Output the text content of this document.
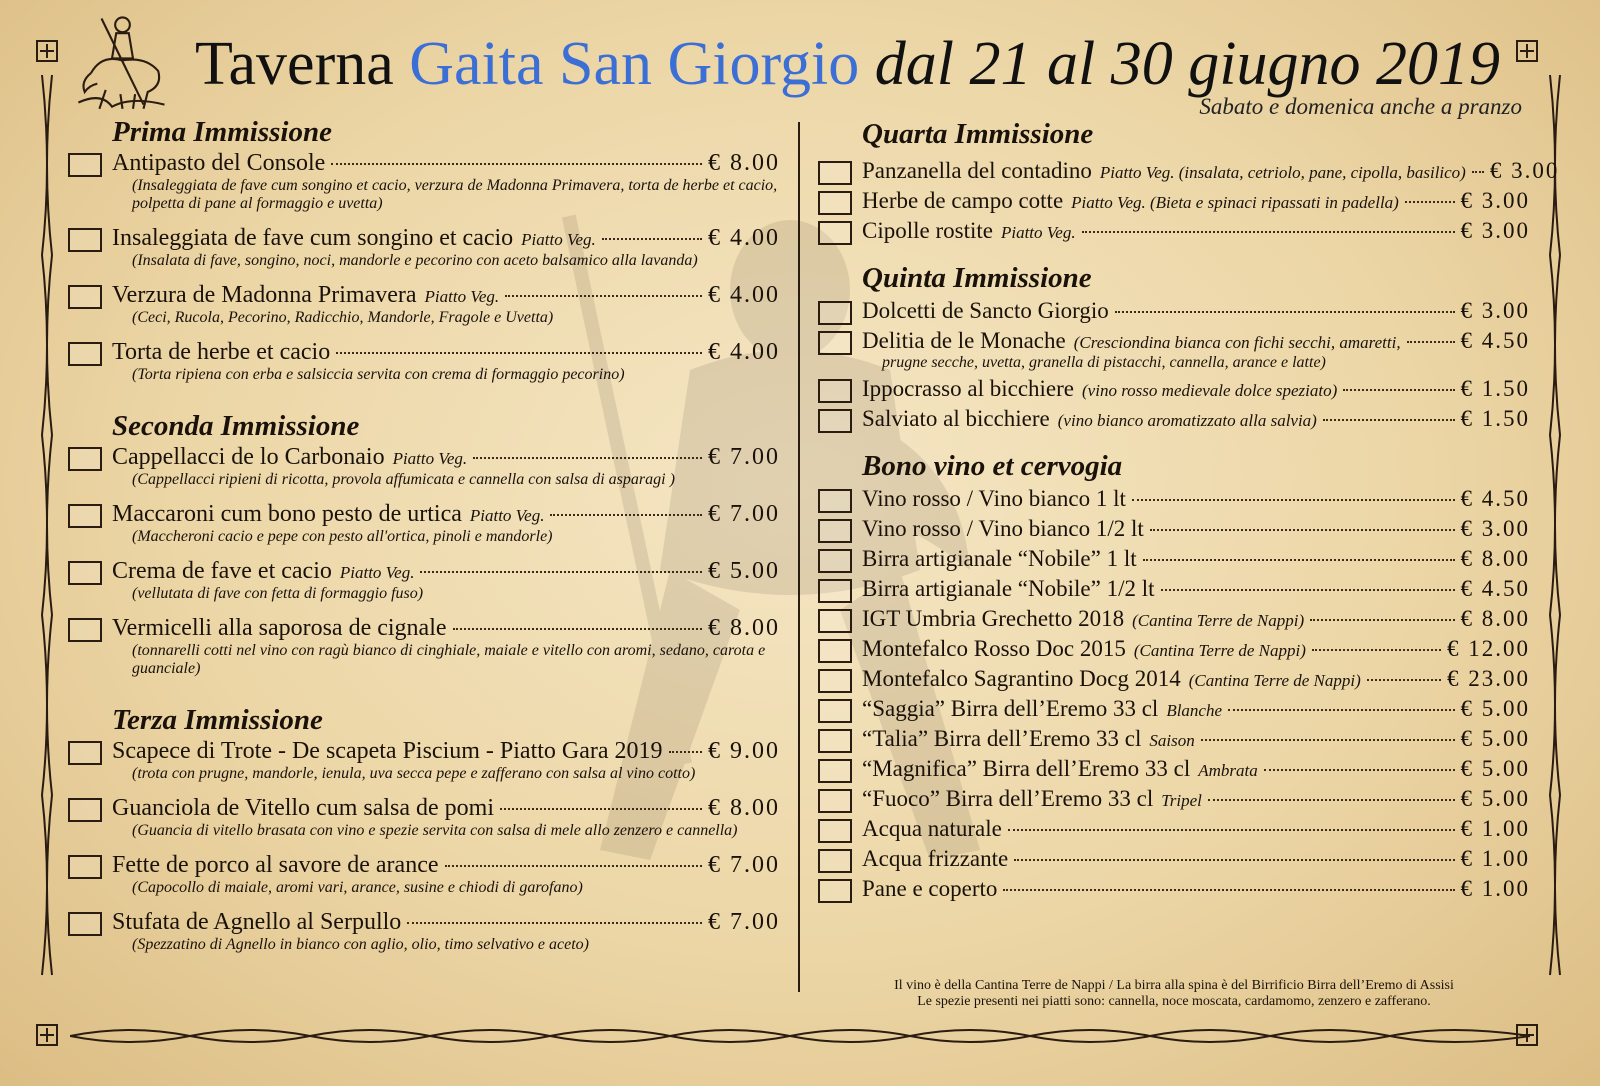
Taverna Gaita San Giorgio dal 21 al 30 giugno 2019
Sabato e domenica anche a pranzo
Prima Immissione
Antipasto del Console	€ 8.00
(Insaleggiata de fave cum songino et cacio, verzura de Madonna Primavera, torta de herbe et cacio, polpetta di pane al formaggio e uvetta)
Insaleggiata de fave cum songino et cacio Piatto Veg.	€ 4.00
(Insalata di fave, songino, noci, mandorle e pecorino con aceto balsamico alla lavanda)
Verzura de Madonna Primavera Piatto Veg.	€ 4.00
(Ceci, Rucola, Pecorino, Radicchio, Mandorle, Fragole e Uvetta)
Torta de herbe et cacio	€ 4.00
(Torta ripiena con erba e salsiccia servita con crema di formaggio pecorino)
Seconda Immissione
Cappellacci de lo Carbonaio Piatto Veg.	€ 7.00
(Cappellacci ripieni di ricotta, provola affumicata e cannella con salsa di asparagi )
Maccaroni cum bono pesto de urtica Piatto Veg.	€ 7.00
(Maccheroni cacio e pepe con pesto all'ortica, pinoli e mandorle)
Crema de fave et cacio Piatto Veg.	€ 5.00
(vellutata di fave con fetta di formaggio fuso)
Vermicelli alla saporosa de cignale	€ 8.00
(tonnarelli cotti nel vino con ragù bianco di cinghiale, maiale e vitello con aromi, sedano, carota e guanciale)
Terza Immissione
Scapece di Trote - De scapeta Piscium - Piatto Gara 2019 € 9.00
(trota con prugne, mandorle, ienula, uva secca pepe e zafferano con salsa al vino cotto)
Guanciola de Vitello cum salsa de pomi	€ 8.00
(Guancia di vitello brasata con vino e spezie servita con salsa di mele allo zenzero e cannella)
Fette de porco al savore de arance	€ 7.00
(Capocollo di maiale, aromi vari, arance, susine e chiodi di garofano)
Stufata de Agnello al Serpullo	€ 7.00
(Spezzatino di Agnello in bianco con aglio, olio, timo selvativo e aceto)
Quarta Immissione
Panzanella del contadino Piatto Veg. (insalata, cetriolo, pane, cipolla, basilico) € 3.00
Herbe de campo cotte Piatto Veg. (Bieta e spinaci ripassati in padella)	€ 3.00
Cipolle rostite Piatto Veg.	€ 3.00
Quinta Immissione
Dolcetti de Sancto Giorgio	€ 3.00
Delitia de le Monache (Cresciondina bianca con fichi secchi, amaretti,	€ 4.50
prugne secche, uvetta, granella di pistacchi, cannella, arance e latte)
Ippocrasso al bicchiere (vino rosso medievale dolce speziato)	€ 1.50
Salviato al bicchiere (vino bianco aromatizzato alla salvia)	€ 1.50
Bono vino et cervogia
Vino rosso / Vino bianco 1 lt	€ 4.50
Vino rosso / Vino bianco 1/2 lt	€ 3.00
Birra artigianale “Nobile” 1 lt	€ 8.00
Birra artigianale “Nobile” 1/2 lt	€ 4.50
IGT Umbria Grechetto 2018 (Cantina Terre de Nappi)	€ 8.00
Montefalco Rosso Doc 2015 (Cantina Terre de Nappi)	€ 12.00
Montefalco Sagrantino Docg 2014 (Cantina Terre de Nappi)	€ 23.00
“Saggia” Birra dell’Eremo 33 cl Blanche	€ 5.00
“Talia” Birra dell’Eremo 33 cl Saison	€ 5.00
“Magnifica” Birra dell’Eremo 33 cl Ambrata	€ 5.00
“Fuoco” Birra dell’Eremo 33 cl Tripel	€ 5.00
Acqua naturale	€ 1.00
Acqua frizzante	€ 1.00
Pane e coperto	€ 1.00
Il vino è della Cantina Terre de Nappi / La birra alla spina è del Birrificio Birra dell’Eremo di Assisi
Le spezie presenti nei piatti sono: cannella, noce moscata, cardamomo, zenzero e zafferano.
